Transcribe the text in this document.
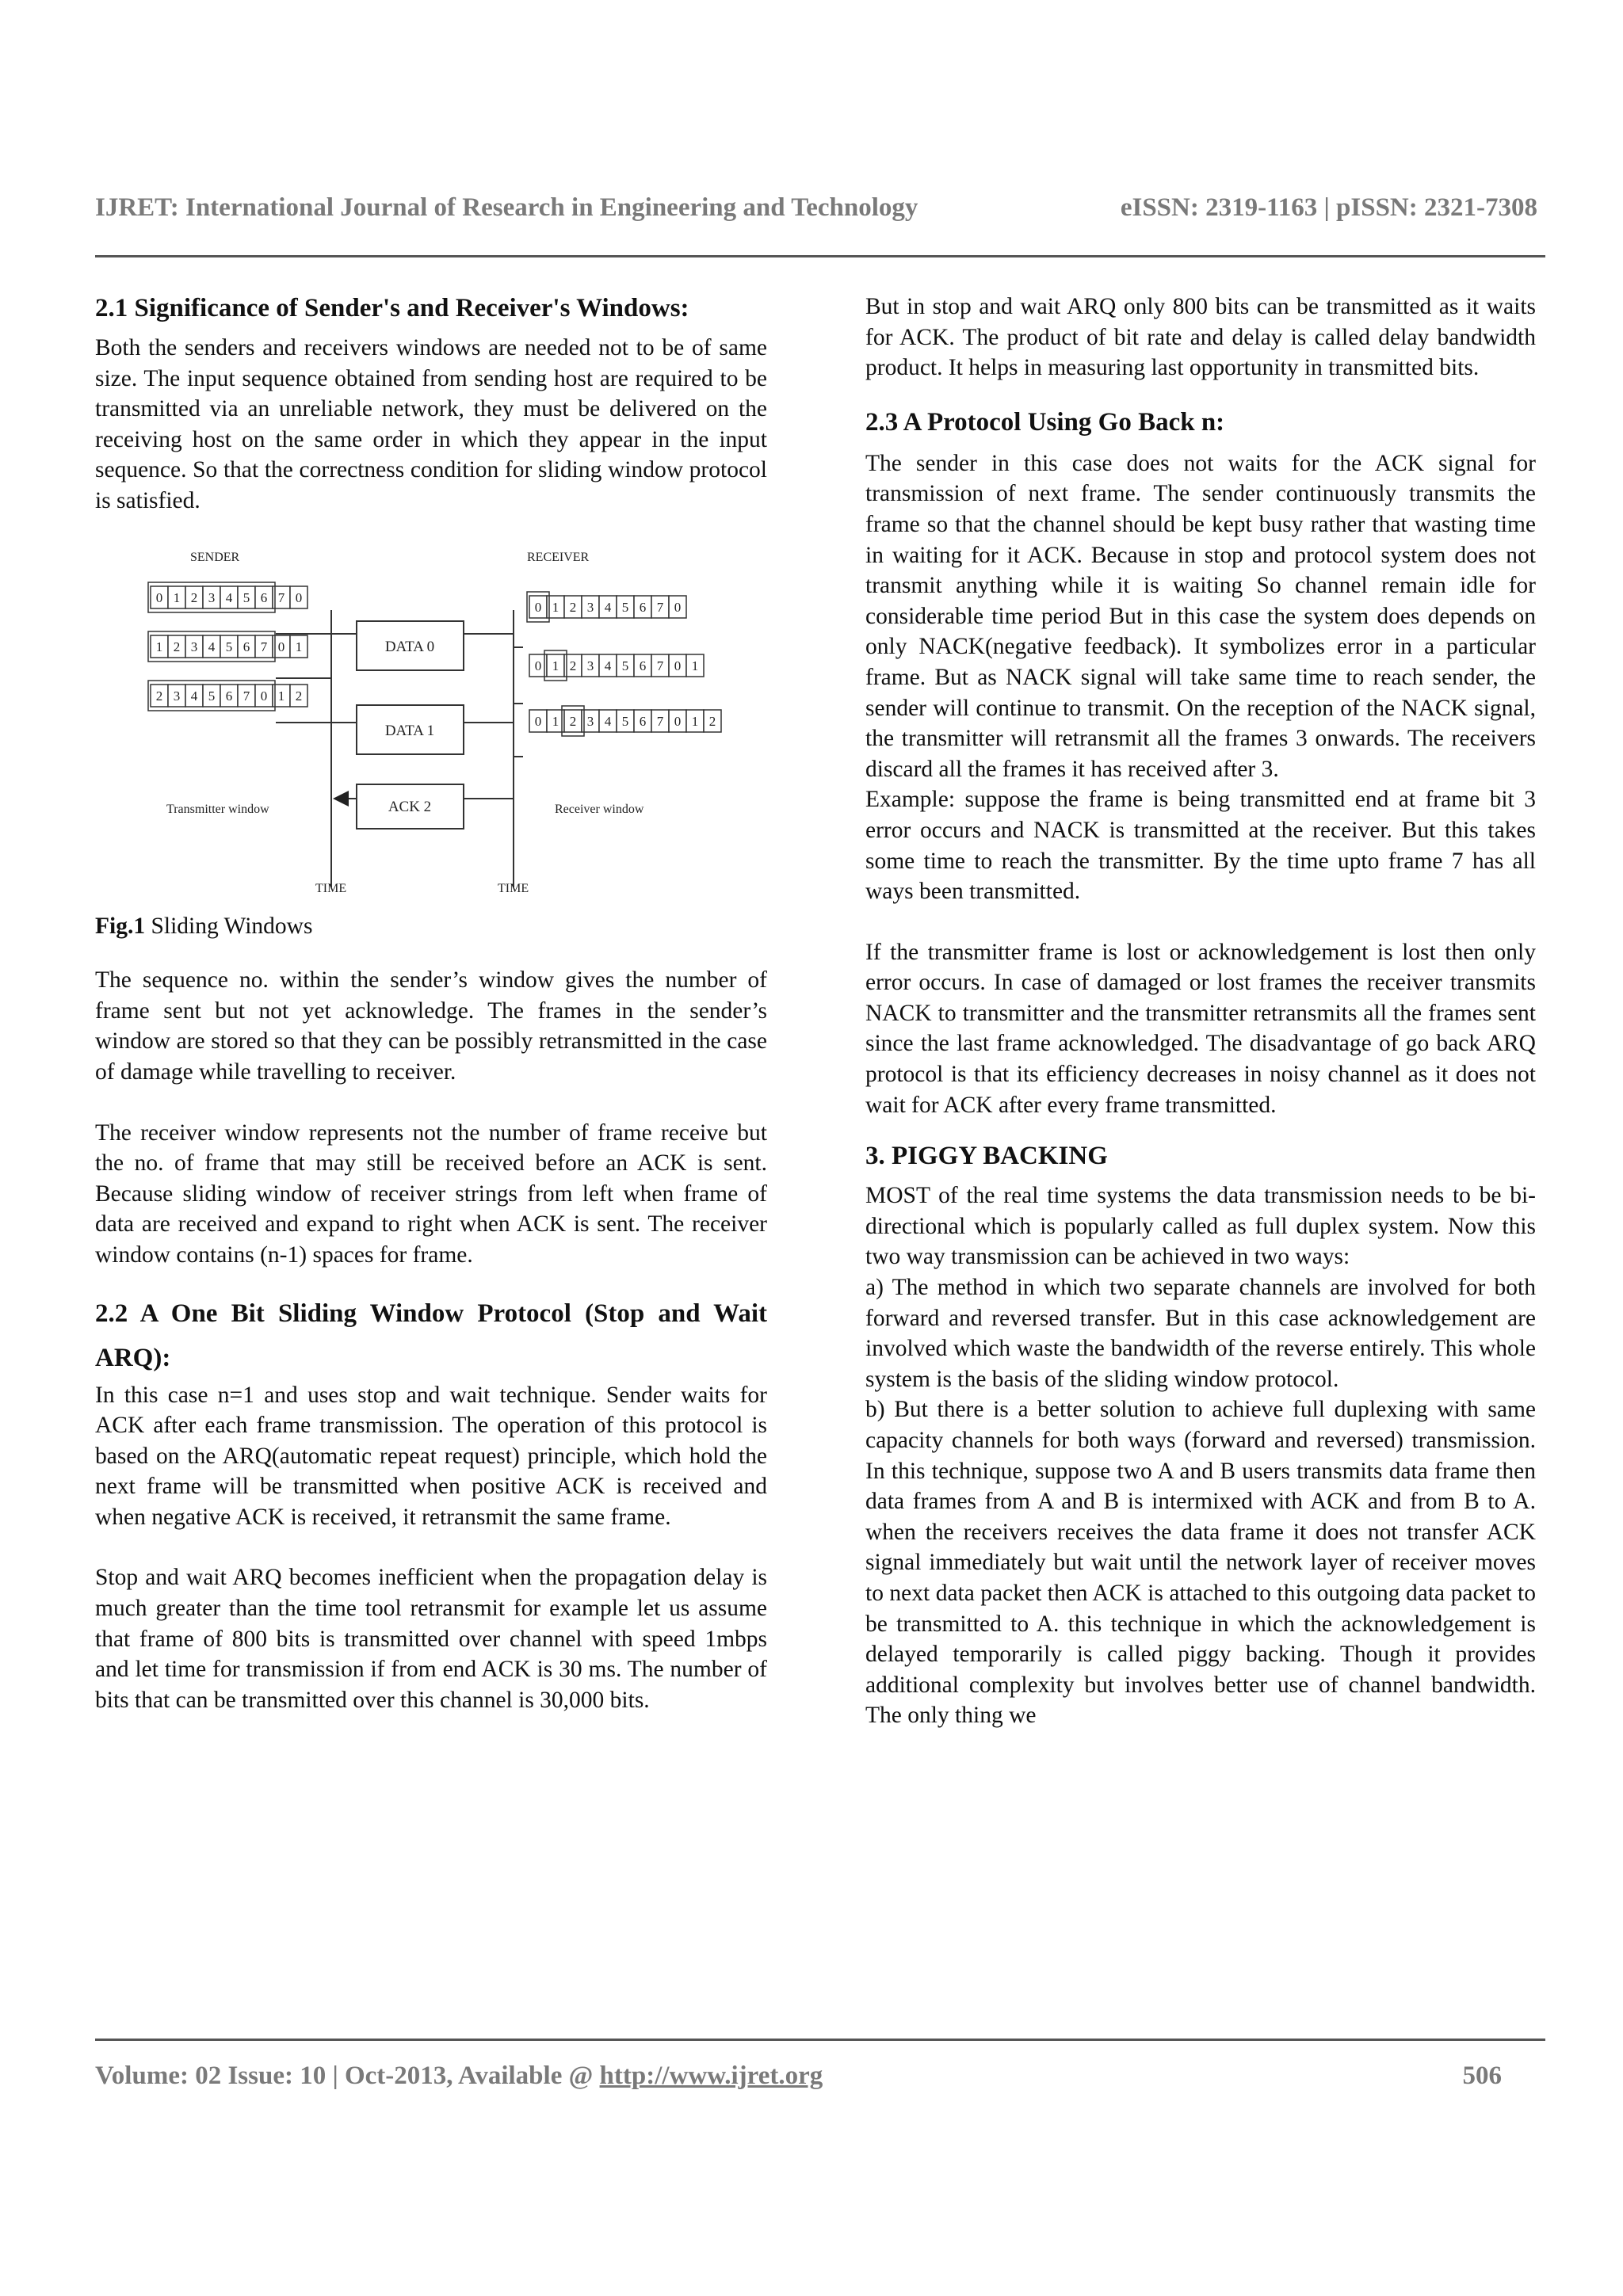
IJRET: International Journal of Research in Engineering and Technology	eISSN: 2319-1163 | pISSN: 2321-7308
2.1 Significance of Sender's and Receiver's Windows:

Both the senders and receivers windows are needed not to be of same size. The input sequence obtained from sending host are required to be transmitted via an unreliable network, they must be delivered on the receiving host on the same order in which they appear in the input sequence. So that the correctness condition for sliding window protocol is satisfied.

DATA 0
DATA 1
ACK 2
SENDER	RECEIVER
Transmitter window	Receiver window
TIME	TIME
0 1 2 3 4 5 6 7 0
1 2 3 4 5 6 7 0 1
2 3 4 5 6 7 0 1 2
0 1 2 3 4 5 6 7 0
0 1 2 3 4 5 6 7 0 1
0 1 2 3 4 5 6 7 0 1 2

Fig.1 Sliding Windows

The sequence no. within the sender’s window gives the number of frame sent but not yet acknowledge. The frames in the sender’s window are stored so that they can be possibly retransmitted in the case of damage while travelling to receiver.

The receiver window represents not the number of frame receive but the no. of frame that may still be received before an ACK is sent. Because sliding window of receiver strings from left when frame of data are received and expand to right when ACK is sent. The receiver window contains (n-1) spaces for frame.

2.2 A One Bit Sliding Window Protocol (Stop and Wait ARQ):

In this case n=1 and uses stop and wait technique. Sender waits for ACK after each frame transmission. The operation of this protocol is based on the ARQ(automatic repeat request) principle, which hold the next frame will be transmitted when positive ACK is received and when negative ACK is received, it retransmit the same frame.

Stop and wait ARQ becomes inefficient when the propagation delay is much greater than the time tool retransmit for example let us assume that frame of 800 bits is transmitted over channel with speed 1mbps and let time for transmission if from end ACK is 30 ms. The number of bits that can be transmitted over this channel is 30,000 bits.

But in stop and wait ARQ only 800 bits can be transmitted as it waits for ACK. The product of bit rate and delay is called delay bandwidth product. It helps in measuring last opportunity in transmitted bits.

2.3 A Protocol Using Go Back n:

The sender in this case does not waits for the ACK signal for transmission of next frame. The sender continuously transmits the frame so that the channel should be kept busy rather that wasting time in waiting for it ACK. Because in stop and protocol system does not transmit anything while it is waiting So channel remain idle for considerable time period But in this case the system does depends on only NACK(negative feedback). It symbolizes error in a particular frame. But as NACK signal will take same time to reach sender, the sender will continue to transmit. On the reception of the NACK signal, the transmitter will retransmit all the frames 3 onwards. The receivers discard all the frames it has received after 3.

Example: suppose the frame is being transmitted end at frame bit 3 error occurs and NACK is transmitted at the receiver. But this takes some time to reach the transmitter. By the time upto frame 7 has all ways been transmitted.

If the transmitter frame is lost or acknowledgement is lost then only error occurs. In case of damaged or lost frames the receiver transmits NACK to transmitter and the transmitter retransmits all the frames sent since the last frame acknowledged. The disadvantage of go back ARQ protocol is that its efficiency decreases in noisy channel as it does not wait for ACK after every frame transmitted.

3. PIGGY BACKING

MOST of the real time systems the data transmission needs to be bi-directional which is popularly called as full duplex system. Now this two way transmission can be achieved in two ways:

a) The method in which two separate channels are involved for both forward and reversed transfer. But in this case acknowledgement are involved which waste the bandwidth of the reverse entirely. This whole system is the basis of the sliding window protocol.

b) But there is a better solution to achieve full duplexing with same capacity channels for both ways (forward and reversed) transmission. In this technique, suppose two A and B users transmits data frame then data frames from A and B is intermixed with ACK and from B to A. when the receivers receives the data frame it does not transfer ACK signal immediately but wait until the network layer of receiver moves to next data packet then ACK is attached to this outgoing data packet to be transmitted to A. this technique in which the acknowledgement is delayed temporarily is called piggy backing. Though it provides additional complexity but involves better use of channel bandwidth. The only thing we

Volume: 02 Issue: 10 | Oct-2013, Available @ http://www.ijret.org	506
